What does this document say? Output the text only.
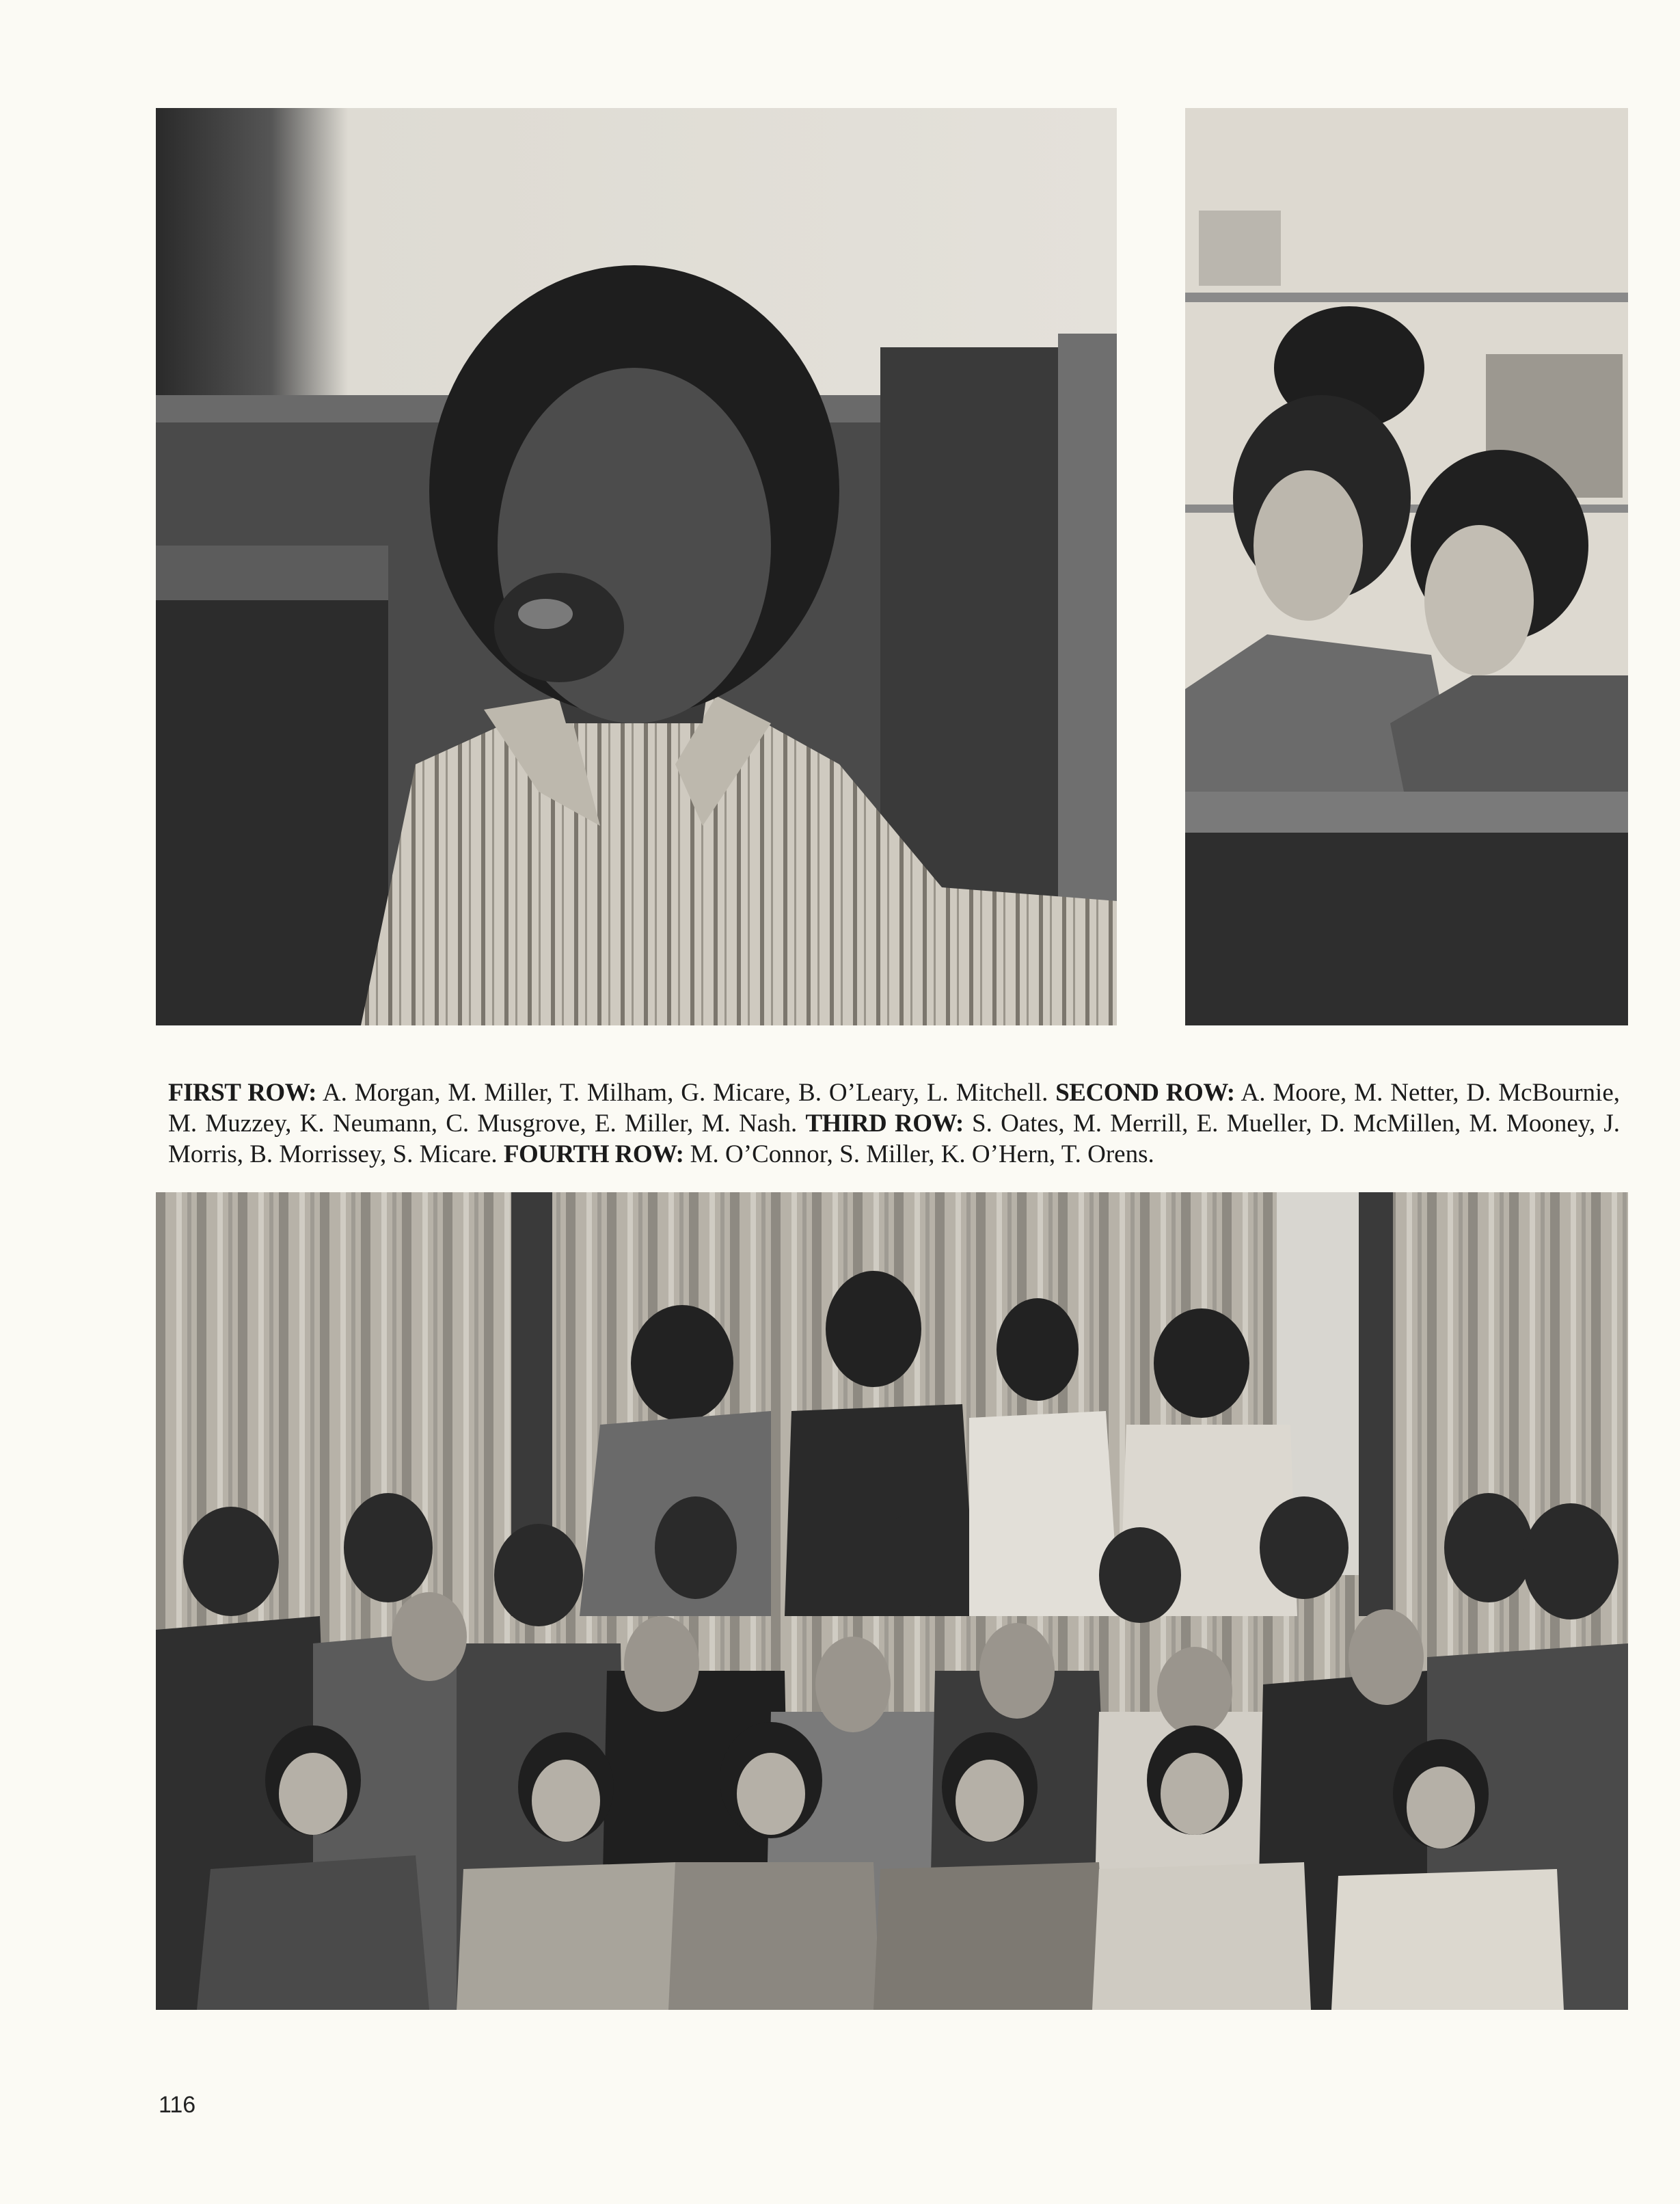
FIRST ROW: A. Morgan, M. Miller, T. Milham, G. Micare, B. O’Leary, L. Mitchell. SECOND ROW: A. Moore, M. Netter, D. McBournie, M. Muzzey, K. Neumann, C. Musgrove, E. Miller, M. Nash. THIRD ROW: S. Oates, M. Merrill, E. Mueller, D. McMillen, M. Mooney, J. Morris, B. Morrissey, S. Micare. FOURTH ROW: M. O’Connor, S. Miller, K. O’Hern, T. Orens.
116
